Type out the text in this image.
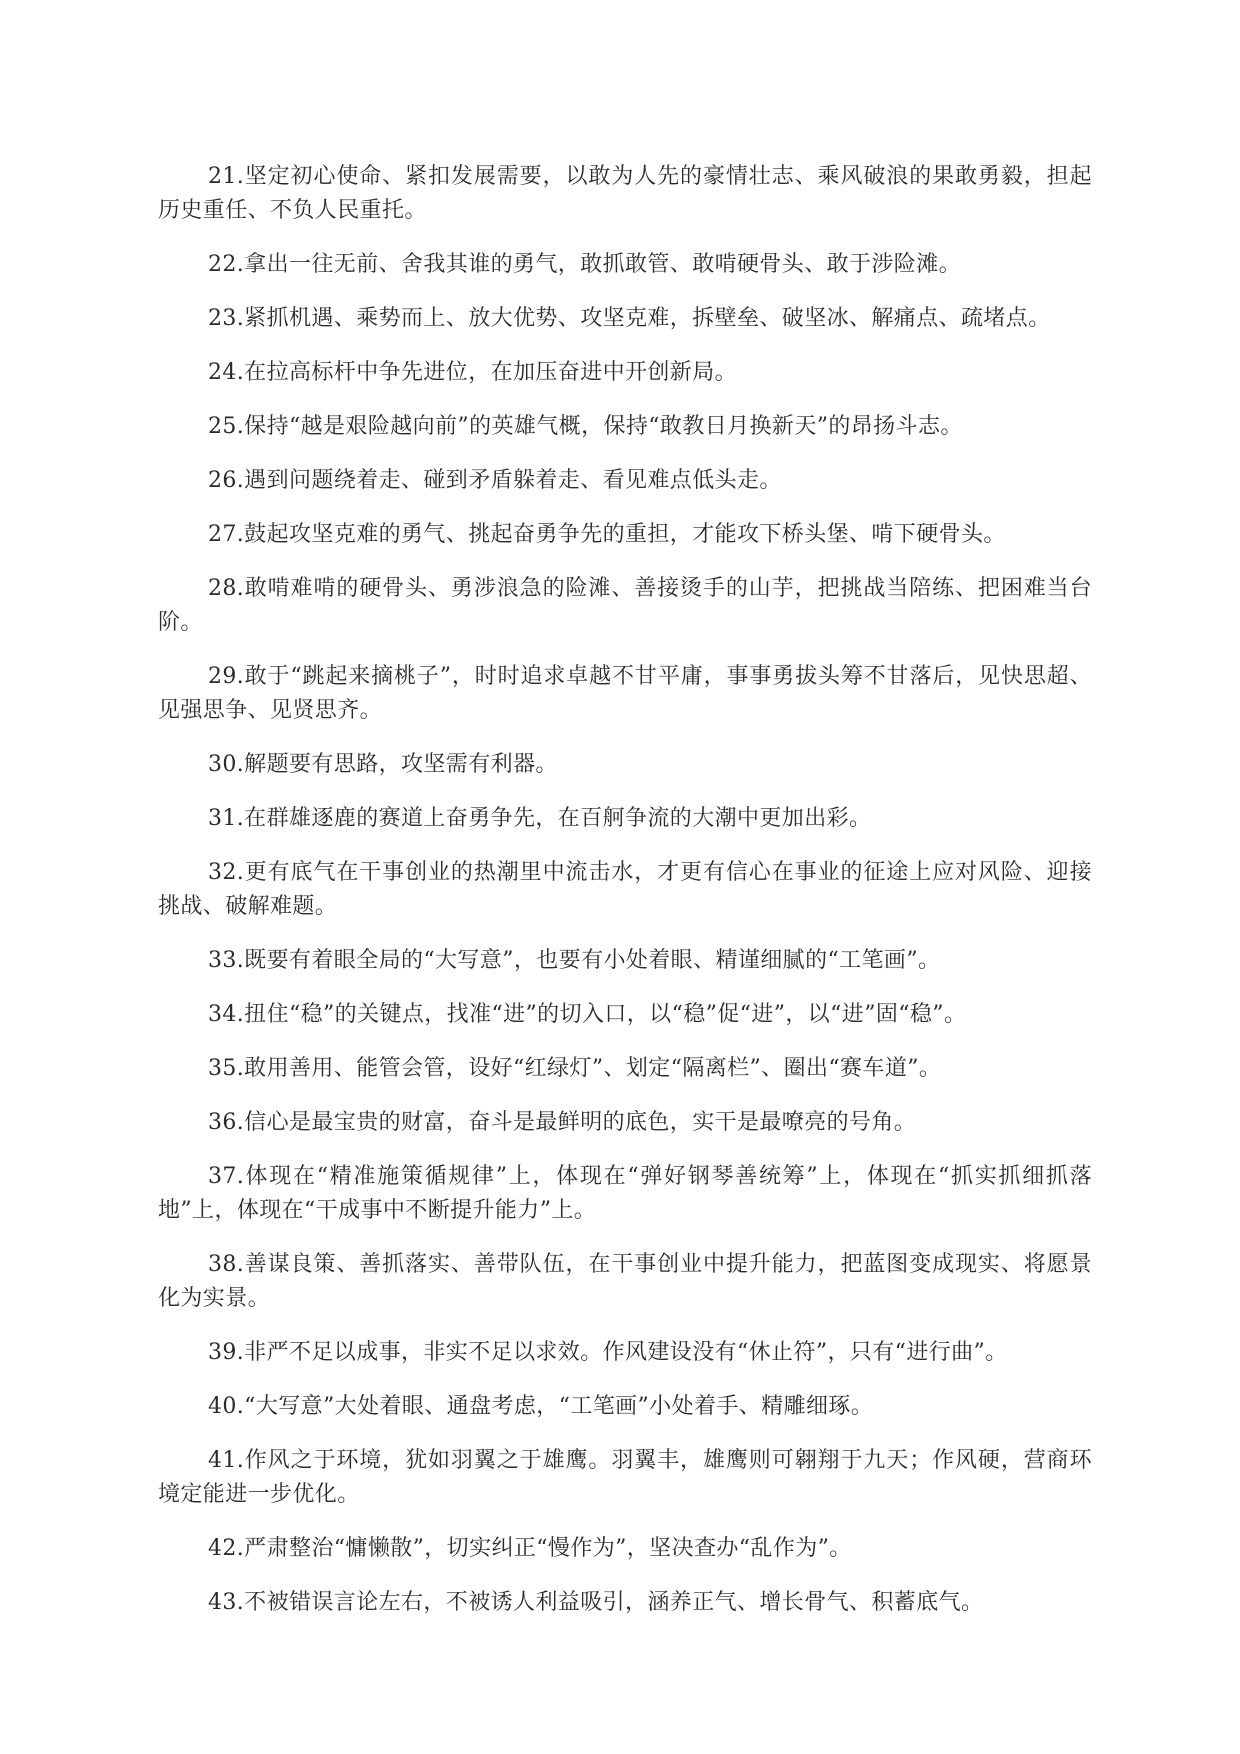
21.坚定初心使命、紧扣发展需要，以敢为人先的豪情壮志、乘风破浪的果敢勇毅，担起历史重任、不负人民重托。

22.拿出一往无前、舍我其谁的勇气，敢抓敢管、敢啃硬骨头、敢于涉险滩。

23.紧抓机遇、乘势而上、放大优势、攻坚克难，拆壁垒、破坚冰、解痛点、疏堵点。

24.在拉高标杆中争先进位，在加压奋进中开创新局。

25.保持“越是艰险越向前”的英雄气概，保持“敢教日月换新天”的昂扬斗志。

26.遇到问题绕着走、碰到矛盾躲着走、看见难点低头走。

27.鼓起攻坚克难的勇气、挑起奋勇争先的重担，才能攻下桥头堡、啃下硬骨头。

28.敢啃难啃的硬骨头、勇涉浪急的险滩、善接烫手的山芋，把挑战当陪练、把困难当台阶。

29.敢于“跳起来摘桃子”，时时追求卓越不甘平庸，事事勇拔头筹不甘落后，见快思超、见强思争、见贤思齐。

30.解题要有思路，攻坚需有利器。

31.在群雄逐鹿的赛道上奋勇争先，在百舸争流的大潮中更加出彩。

32.更有底气在干事创业的热潮里中流击水，才更有信心在事业的征途上应对风险、迎接挑战、破解难题。

33.既要有着眼全局的“大写意”，也要有小处着眼、精谨细腻的“工笔画”。

34.扭住“稳”的关键点，找准“进”的切入口，以“稳”促“进”，以“进”固“稳”。

35.敢用善用、能管会管，设好“红绿灯”、划定“隔离栏”、圈出“赛车道”。

36.信心是最宝贵的财富，奋斗是最鲜明的底色，实干是最嘹亮的号角。

37.体现在“精准施策循规律”上，体现在“弹好钢琴善统筹”上，体现在“抓实抓细抓落地”上，体现在“干成事中不断提升能力”上。

38.善谋良策、善抓落实、善带队伍，在干事创业中提升能力，把蓝图变成现实、将愿景化为实景。

39.非严不足以成事，非实不足以求效。作风建设没有“休止符”，只有“进行曲”。

40.“大写意”大处着眼、通盘考虑，“工笔画”小处着手、精雕细琢。

41.作风之于环境，犹如羽翼之于雄鹰。羽翼丰，雄鹰则可翱翔于九天；作风硬，营商环境定能进一步优化。

42.严肃整治“慵懒散”，切实纠正“慢作为”，坚决查办“乱作为”。

43.不被错误言论左右，不被诱人利益吸引，涵养正气、增长骨气、积蓄底气。
